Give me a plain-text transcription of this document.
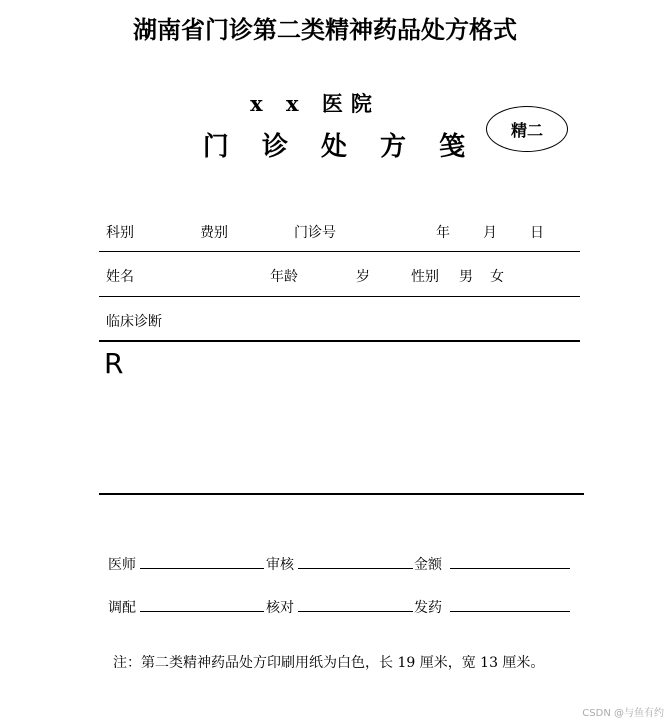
湖南省门诊第二类精神药品处方格式
x x 医院
门 诊 处 方 笺
精二
科别	费别	门诊号	年 月 日
姓名	年龄	岁	性别 男 女
临床诊断
R
医师	审核	金额
调配	核对	发药
注：第二类精神药品处方印刷用纸为白色，长 19 厘米，宽 13 厘米。
CSDN @与鱼有约
